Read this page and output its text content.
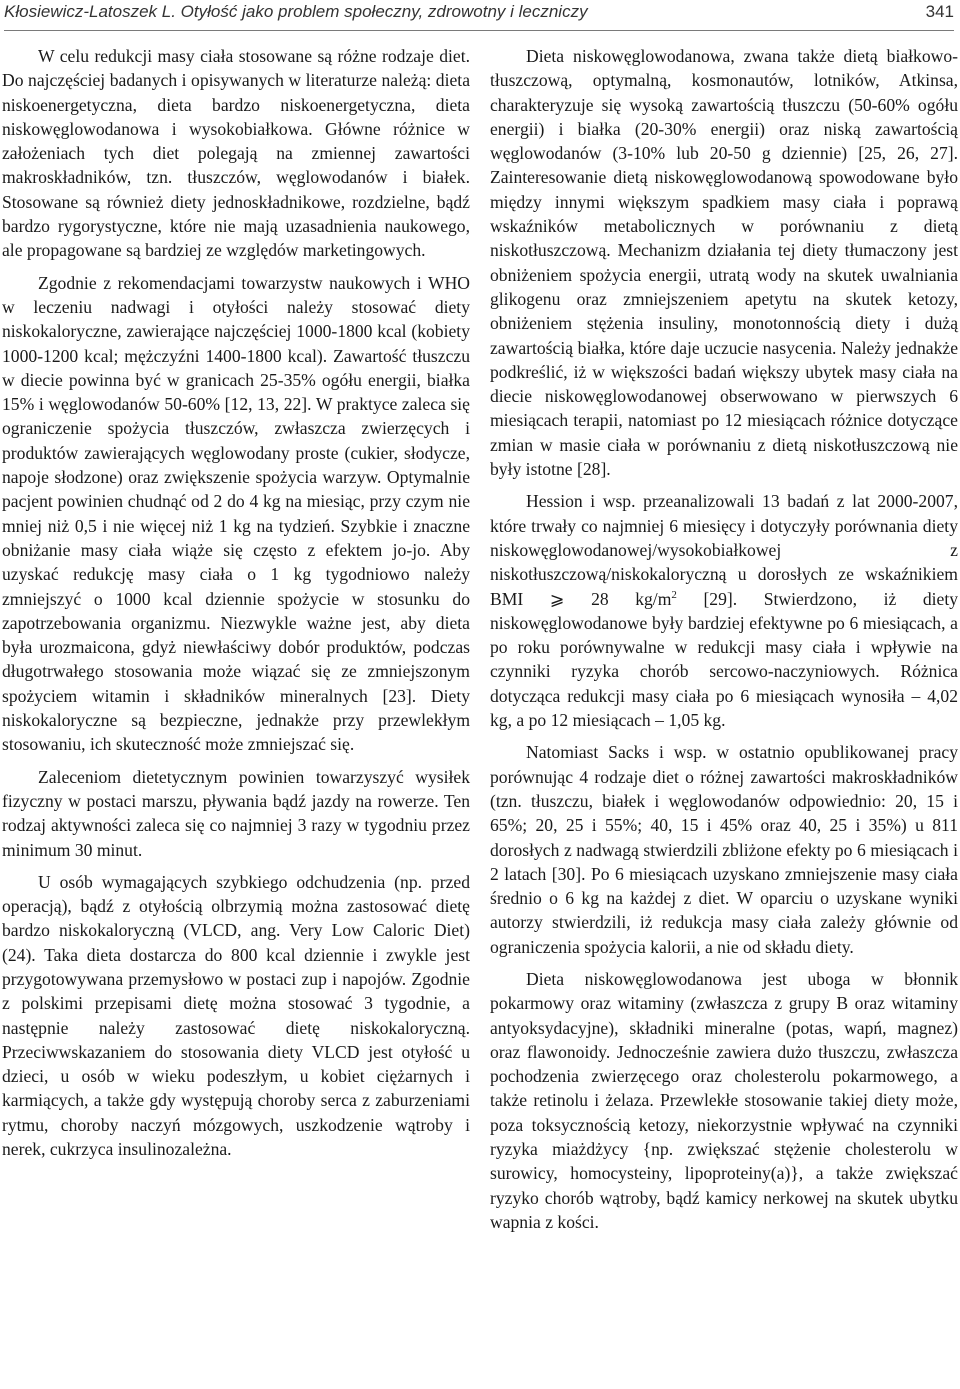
Kłosiewicz-Latoszek L. Otyłość jako problem społeczny, zdrowotny i leczniczy	341

W celu redukcji masy ciała stosowane są różne rodzaje diet. Do najczęściej badanych i opisywanych w literaturze należą: dieta niskoenergetyczna, dieta bardzo niskoenergetyczna, dieta niskowęglowodanowa i wysokobiałkowa. Główne różnice w założeniach tych diet polegają na zmiennej zawartości makroskładników, tzn. tłuszczów, węglowodanów i białek. Stosowane są również diety jednoskładnikowe, rozdzielne, bądź bardzo rygorystyczne, które nie mają uzasadnienia naukowego, ale propagowane są bardziej ze względów marketingowych.

Zgodnie z rekomendacjami towarzystw naukowych i WHO w leczeniu nadwagi i otyłości należy stosować diety niskokaloryczne, zawierające najczęściej 1000-1800 kcal (kobiety 1000-1200 kcal; mężczyźni 1400-1800 kcal). Zawartość tłuszczu w diecie powinna być w granicach 25-35% ogółu energii, białka 15% i węglowodanów 50-60% [12, 13, 22]. W praktyce zaleca się ograniczenie spożycia tłuszczów, zwłaszcza zwierzęcych i produktów zawierających węglowodany proste (cukier, słodycze, napoje słodzone) oraz zwiększenie spożycia warzyw. Optymalnie pacjent powinien chudnąć od 2 do 4 kg na miesiąc, przy czym nie mniej niż 0,5 i nie więcej niż 1 kg na tydzień. Szybkie i znaczne obniżanie masy ciała wiąże się często z efektem jo-jo. Aby uzyskać redukcję masy ciała o 1 kg tygodniowo należy zmniejszyć o 1000 kcal dziennie spożycie w stosunku do zapotrzebowania organizmu. Niezwykle ważne jest, aby dieta była urozmaicona, gdyż niewłaściwy dobór produktów, podczas długotrwałego stosowania może wiązać się ze zmniejszonym spożyciem witamin i składników mineralnych [23]. Diety niskokaloryczne są bezpieczne, jednakże przy przewlekłym stosowaniu, ich skuteczność może zmniejszać się.

Zaleceniom dietetycznym powinien towarzyszyć wysiłek fizyczny w postaci marszu, pływania bądź jazdy na rowerze. Ten rodzaj aktywności zaleca się co najmniej 3 razy w tygodniu przez minimum 30 minut.

U osób wymagających szybkiego odchudzenia (np. przed operacją), bądź z otyłością olbrzymią można zastosować dietę bardzo niskokaloryczną (VLCD, ang. Very Low Caloric Diet) (24). Taka dieta dostarcza do 800 kcal dziennie i zwykle jest przygotowywana przemysłowo w postaci zup i napojów. Zgodnie z polskimi przepisami dietę można stosować 3 tygodnie, a następnie należy zastosować dietę niskokaloryczną. Przeciwwskazaniem do stosowania diety VLCD jest otyłość u dzieci, u osób w wieku podeszłym, u kobiet ciężarnych i karmiących, a także gdy występują choroby serca z zaburzeniami rytmu, choroby naczyń mózgowych, uszkodzenie wątroby i nerek, cukrzyca insulinozależna.

Dieta niskowęglowodanowa, zwana także dietą białkowo-tłuszczową, optymalną, kosmonautów, lotników, Atkinsa, charakteryzuje się wysoką zawartością tłuszczu (50-60% ogółu energii) i białka (20-30% energii) oraz niską zawartością węglowodanów (3-10% lub 20-50 g dziennie) [25, 26, 27]. Zainteresowanie dietą niskowęglowodanową spowodowane było między innymi większym spadkiem masy ciała i poprawą wskaźników metabolicznych w porównaniu z dietą niskotłuszczową. Mechanizm działania tej diety tłumaczony jest obniżeniem spożycia energii, utratą wody na skutek uwalniania glikogenu oraz zmniejszeniem apetytu na skutek ketozy, obniżeniem stężenia insuliny, monotonnością diety i dużą zawartością białka, które daje uczucie nasycenia. Należy jednakże podkreślić, iż w większości badań większy ubytek masy ciała na diecie niskowęglowodanowej obserwowano w pierwszych 6 miesiącach terapii, natomiast po 12 miesiącach różnice dotyczące zmian w masie ciała w porównaniu z dietą niskotłuszczową nie były istotne [28].

Hession i wsp. przeanalizowali 13 badań z lat 2000-2007, które trwały co najmniej 6 miesięcy i dotyczyły porównania diety niskowęglowodanowej/wysokobiałkowej z niskotłuszczową/niskokaloryczną u dorosłych ze wskaźnikiem BMI ⩾ 28 $kg/m^2$ [29]. Stwierdzono, iż diety niskowęglowodanowe były bardziej efektywne po 6 miesiącach, a po roku porównywalne w redukcji masy ciała i wpływie na czynniki ryzyka chorób sercowo-naczyniowych. Różnica dotycząca redukcji masy ciała po 6 miesiącach wynosiła – 4,02 kg, a po 12 miesiącach – 1,05 kg.

Natomiast Sacks i wsp. w ostatnio opublikowanej pracy porównując 4 rodzaje diet o różnej zawartości makroskładników (tzn. tłuszczu, białek i węglowodanów odpowiednio: 20, 15 i 65%; 20, 25 i 55%; 40, 15 i 45% oraz 40, 25 i 35%) u 811 dorosłych z nadwagą stwierdzili zbliżone efekty po 6 miesiącach i 2 latach [30]. Po 6 miesiącach uzyskano zmniejszenie masy ciała średnio o 6 kg na każdej z diet. W oparciu o uzyskane wyniki autorzy stwierdzili, iż redukcja masy ciała zależy głównie od ograniczenia spożycia kalorii, a nie od składu diety.

Dieta niskowęglowodanowa jest uboga w błonnik pokarmowy oraz witaminy (zwłaszcza z grupy B oraz witaminy antyoksydacyjne), składniki mineralne (potas, wapń, magnez) oraz flawonoidy. Jednocześnie zawiera dużo tłuszczu, zwłaszcza pochodzenia zwierzęcego oraz cholesterolu pokarmowego, a także retinolu i żelaza. Przewlekłe stosowanie takiej diety może, poza toksycznością ketozy, niekorzystnie wpływać na czynniki ryzyka miażdżycy {np. zwiększać stężenie cholesterolu w surowicy, homocysteiny, lipoproteiny(a)}, a także zwiększać ryzyko chorób wątroby, bądź kamicy nerkowej na skutek ubytku wapnia z kości.
